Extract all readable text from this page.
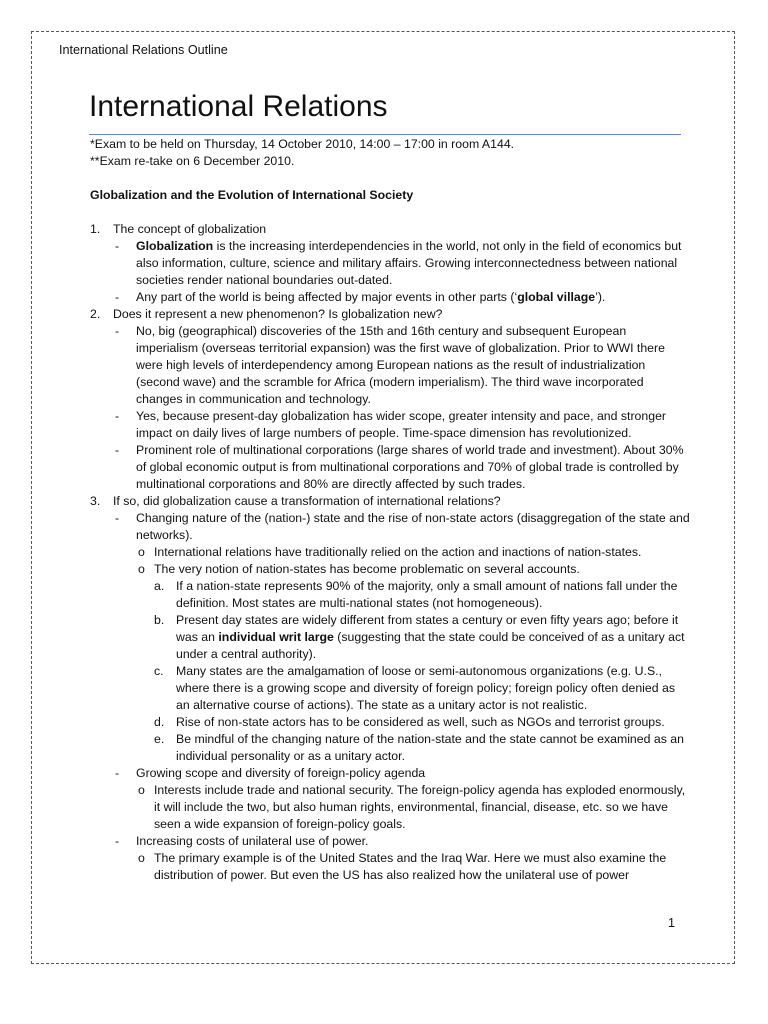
International Relations Outline
International Relations

*Exam to be held on Thursday, 14 October 2010, 14:00 – 17:00 in room A144.

**Exam re-take on 6 December 2010.

Globalization and the Evolution of International Society

1. The concept of globalization
- Globalization is the increasing interdependencies in the world, not only in the field of economics but also information, culture, science and military affairs. Growing interconnectedness between national societies render national boundaries out-dated.
- Any part of the world is being affected by major events in other parts (‘global village’).
2. Does it represent a new phenomenon? Is globalization new?
- No, big (geographical) discoveries of the 15th and 16th century and subsequent European imperialism (overseas territorial expansion) was the first wave of globalization. Prior to WWI there were high levels of interdependency among European nations as the result of industrialization (second wave) and the scramble for Africa (modern imperialism). The third wave incorporated changes in communication and technology.
- Yes, because present-day globalization has wider scope, greater intensity and pace, and stronger impact on daily lives of large numbers of people. Time-space dimension has revolutionized.
- Prominent role of multinational corporations (large shares of world trade and investment). About 30% of global economic output is from multinational corporations and 70% of global trade is controlled by multinational corporations and 80% are directly affected by such trades.
3. If so, did globalization cause a transformation of international relations?
- Changing nature of the (nation-) state and the rise of non-state actors (disaggregation of the state and networks).
o International relations have traditionally relied on the action and inactions of nation-states.
o The very notion of nation-states has become problematic on several accounts.
a. If a nation-state represents 90% of the majority, only a small amount of nations fall under the definition. Most states are multi-national states (not homogeneous).
b. Present day states are widely different from states a century or even fifty years ago; before it was an individual writ large (suggesting that the state could be conceived of as a unitary act under a central authority).
c. Many states are the amalgamation of loose or semi-autonomous organizations (e.g. U.S., where there is a growing scope and diversity of foreign policy; foreign policy often denied as an alternative course of actions). The state as a unitary actor is not realistic.
d. Rise of non-state actors has to be considered as well, such as NGOs and terrorist groups.
e. Be mindful of the changing nature of the nation-state and the state cannot be examined as an individual personality or as a unitary actor.
- Growing scope and diversity of foreign-policy agenda
o Interests include trade and national security. The foreign-policy agenda has exploded enormously, it will include the two, but also human rights, environmental, financial, disease, etc. so we have seen a wide expansion of foreign-policy goals.
- Increasing costs of unilateral use of power.
o The primary example is of the United States and the Iraq War. Here we must also examine the distribution of power. But even the US has also realized how the unilateral use of power
1
